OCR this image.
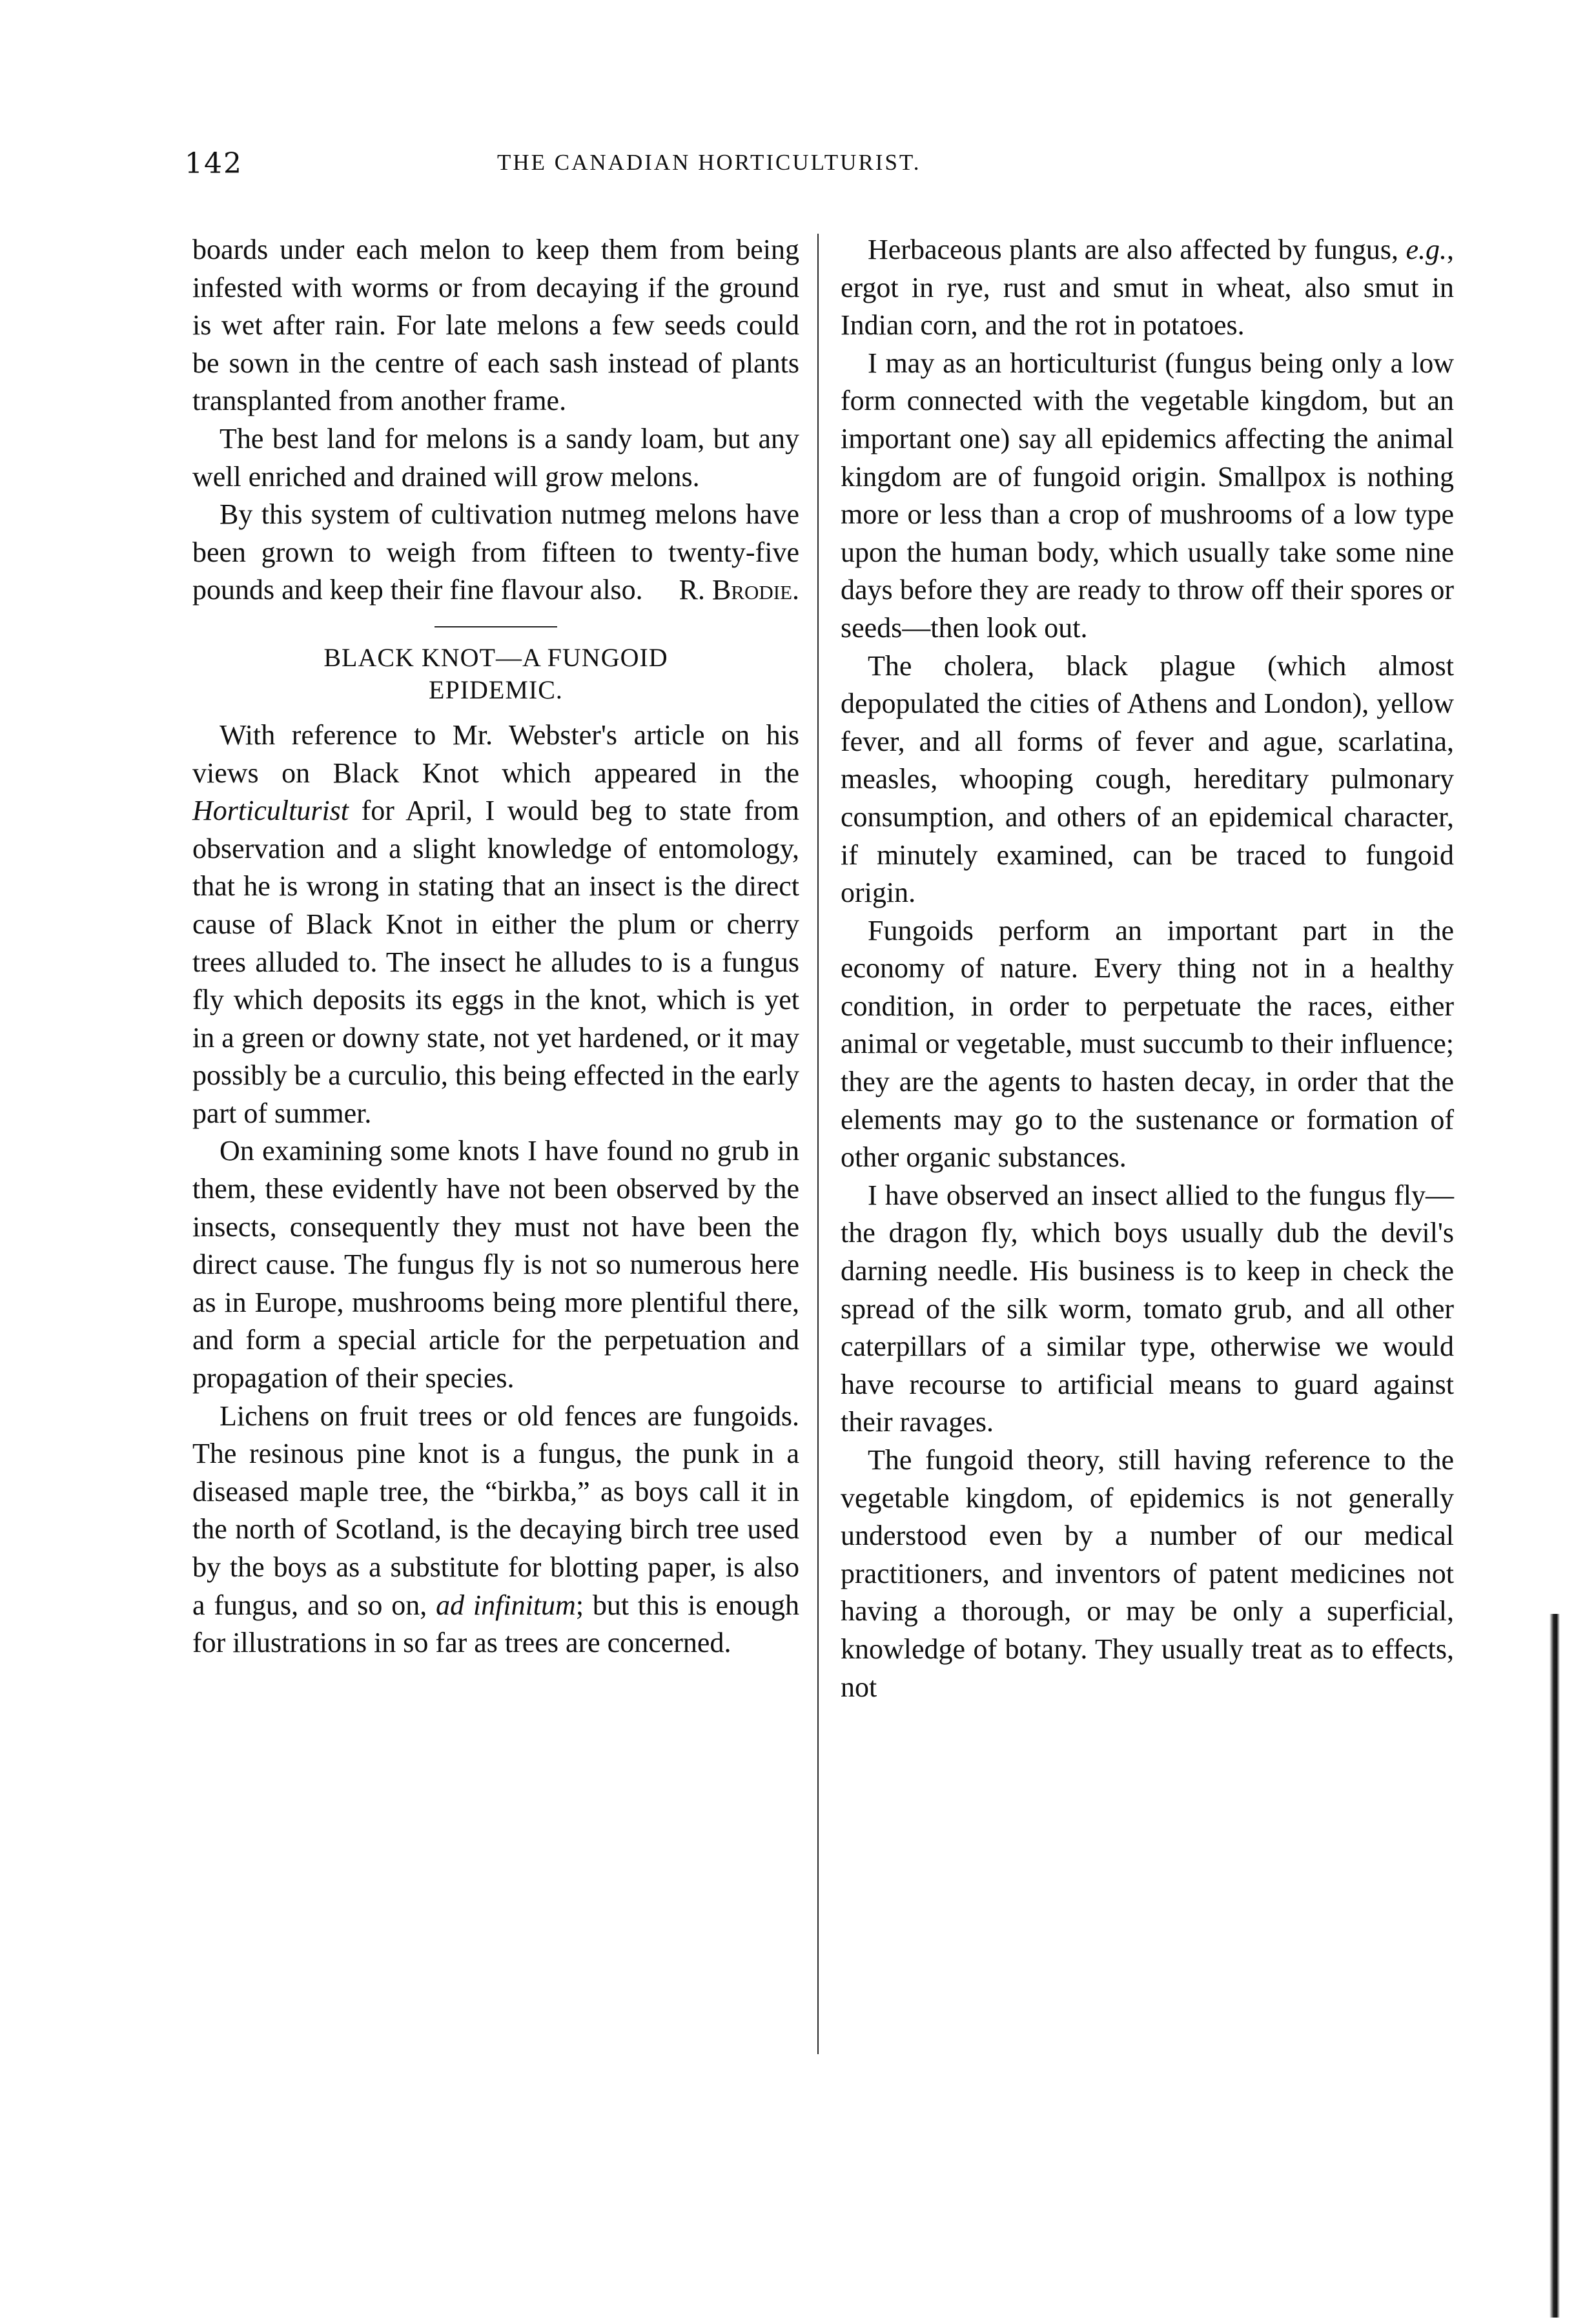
142	THE CANADIAN HORTICULTURIST.

boards under each melon to keep them from being infested with worms or from decaying if the ground is wet after rain. For late melons a few seeds could be sown in the centre of each sash instead of plants transplanted from another frame.

The best land for melons is a sandy loam, but any well enriched and drained will grow melons.

By this system of cultivation nutmeg melons have been grown to weigh from fifteen to twenty-five pounds and keep their fine flavour also.	R. Brodie.

BLACK KNOT—A FUNGOID
EPIDEMIC.

With reference to Mr. Webster's article on his views on Black Knot which appeared in the Horticulturist for April, I would beg to state from observation and a slight knowledge of entomology, that he is wrong in stating that an insect is the direct cause of Black Knot in either the plum or cherry trees alluded to. The insect he alludes to is a fungus fly which deposits its eggs in the knot, which is yet in a green or downy state, not yet hardened, or it may possibly be a curculio, this being effected in the early part of summer.

On examining some knots I have found no grub in them, these evidently have not been observed by the insects, consequently they must not have been the direct cause. The fungus fly is not so numerous here as in Europe, mushrooms being more plentiful there, and form a special article for the perpetuation and propagation of their species.

Lichens on fruit trees or old fences are fungoids. The resinous pine knot is a fungus, the punk in a diseased maple tree, the “birkba,” as boys call it in the north of Scotland, is the decaying birch tree used by the boys as a substitute for blotting paper, is also a fungus, and so on, ad infinitum; but this is enough for illustrations in so far as trees are concerned.

Herbaceous plants are also affected by fungus, e.g., ergot in rye, rust and smut in wheat, also smut in Indian corn, and the rot in potatoes.

I may as an horticulturist (fungus being only a low form connected with the vegetable kingdom, but an important one) say all epidemics affecting the animal kingdom are of fungoid origin. Smallpox is nothing more or less than a crop of mushrooms of a low type upon the human body, which usually take some nine days before they are ready to throw off their spores or seeds—then look out.

The cholera, black plague (which almost depopulated the cities of Athens and London), yellow fever, and all forms of fever and ague, scarlatina, measles, whooping cough, hereditary pulmonary consumption, and others of an epidemical character, if minutely examined, can be traced to fungoid origin.

Fungoids perform an important part in the economy of nature. Every thing not in a healthy condition, in order to perpetuate the races, either animal or vegetable, must succumb to their influence; they are the agents to hasten decay, in order that the elements may go to the sustenance or formation of other organic substances.

I have observed an insect allied to the fungus fly—the dragon fly, which boys usually dub the devil's darning needle. His business is to keep in check the spread of the silk worm, tomato grub, and all other caterpillars of a similar type, otherwise we would have recourse to artificial means to guard against their ravages.

The fungoid theory, still having reference to the vegetable kingdom, of epidemics is not generally understood even by a number of our medical practitioners, and inventors of patent medicines not having a thorough, or may be only a superficial, knowledge of botany. They usually treat as to effects, not
